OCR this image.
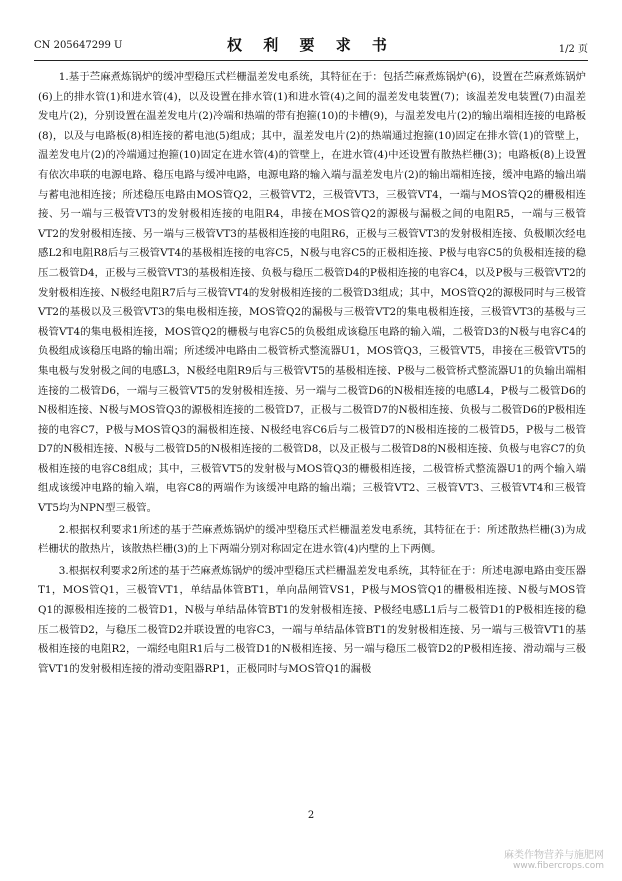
CN 205647299 U	权 利 要 求 书	1/2 页

1.基于苎麻煮炼锅炉的缓冲型稳压式栏栅温差发电系统，其特征在于：包括苎麻煮炼锅炉(6)，设置在苎麻煮炼锅炉(6)上的排水管(1)和进水管(4)，以及设置在排水管(1)和进水管(4)之间的温差发电装置(7)；该温差发电装置(7)由温差发电片(2)，分别设置在温差发电片(2)冷端和热端的带有抱箍(10)的卡槽(9)，与温差发电片(2)的输出端相连接的电路板(8)，以及与电路板(8)相连接的蓄电池(5)组成；其中，温差发电片(2)的热端通过抱箍(10)固定在排水管(1)的管壁上，温差发电片(2)的冷端通过抱箍(10)固定在进水管(4)的管壁上，在进水管(4)中还设置有散热栏栅(3)；电路板(8)上设置有依次串联的电源电路、稳压电路与缓冲电路，电源电路的输入端与温差发电片(2)的输出端相连接，缓冲电路的输出端与蓄电池相连接；所述稳压电路由MOS管Q2，三极管VT2，三极管VT3，三极管VT4，一端与MOS管Q2的栅极相连接、另一端与三极管VT3的发射极相连接的电阻R4，串接在MOS管Q2的源极与漏极之间的电阻R5，一端与三极管VT2的发射极相连接、另一端与三极管VT3的基极相连接的电阻R6，正极与三极管VT3的发射极相连接、负极顺次经电感L2和电阻R8后与三极管VT4的基极相连接的电容C5，N极与电容C5的正极相连接、P极与电容C5的负极相连接的稳压二极管D4，正极与三极管VT3的基极相连接、负极与稳压二极管D4的P极相连接的电容C4，以及P极与三极管VT2的发射极相连接、N极经电阻R7后与三极管VT4的发射极相连接的二极管D3组成；其中，MOS管Q2的源极同时与三极管VT2的基极以及三极管VT3的集电极相连接，MOS管Q2的漏极与三极管VT2的集电极相连接，三极管VT3的基极与三极管VT4的集电极相连接，MOS管Q2的栅极与电容C5的负极组成该稳压电路的输入端，二极管D3的N极与电容C4的负极组成该稳压电路的输出端；所述缓冲电路由二极管桥式整流器U1，MOS管Q3，三极管VT5，串接在三极管VT5的集电极与发射极之间的电感L3，N极经电阻R9后与三极管VT5的基极相连接、P极与二极管桥式整流器U1的负输出端相连接的二极管D6，一端与三极管VT5的发射极相连接、另一端与二极管D6的N极相连接的电感L4，P极与二极管D6的N极相连接、N极与MOS管Q3的源极相连接的二极管D7，正极与二极管D7的N极相连接、负极与二极管D6的P极相连接的电容C7，P极与MOS管Q3的漏极相连接、N极经电容C6后与二极管D7的N极相连接的二极管D5，P极与二极管D7的N极相连接、N极与二极管D5的N极相连接的二极管D8，以及正极与二极管D8的N极相连接、负极与电容C7的负极相连接的电容C8组成；其中，三极管VT5的发射极与MOS管Q3的栅极相连接，二极管桥式整流器U1的两个输入端组成该缓冲电路的输入端，电容C8的两端作为该缓冲电路的输出端；三极管VT2、三极管VT3、三极管VT4和三极管VT5均为NPN型三极管。

2.根据权利要求1所述的基于苎麻煮炼锅炉的缓冲型稳压式栏栅温差发电系统，其特征在于：所述散热栏栅(3)为成栏栅状的散热片，该散热栏栅(3)的上下两端分别对称固定在进水管(4)内壁的上下两侧。

3.根据权利要求2所述的基于苎麻煮炼锅炉的缓冲型稳压式栏栅温差发电系统，其特征在于：所述电源电路由变压器T1，MOS管Q1，三极管VT1，单结晶体管BT1，单向晶闸管VS1，P极与MOS管Q1的栅极相连接、N极与MOS管Q1的源极相连接的二极管D1，N极与单结晶体管BT1的发射极相连接、P极经电感L1后与二极管D1的P极相连接的稳压二极管D2，与稳压二极管D2并联设置的电容C3，一端与单结晶体管BT1的发射极相连接、另一端与三极管VT1的基极相连接的电阻R2，一端经电阻R1后与二极管D1的N极相连接、另一端与稳压二极管D2的P极相连接、滑动端与三极管VT1的发射极相连接的滑动变阻器RP1，正极同时与MOS管Q1的漏极

2
麻类作物营养与施肥网
www.fibercrops.com
